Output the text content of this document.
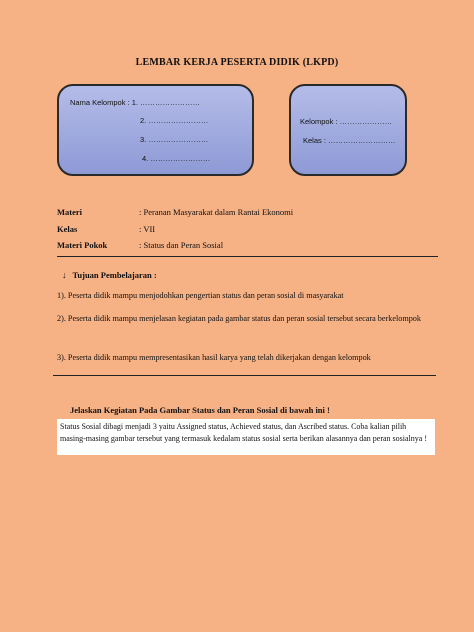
LEMBAR KERJA PESERTA DIDIK (LKPD)
Nama Kelompok : 1. ……………………
2. ……………………
3. ……………………
4. ……………………
Kelompok : …………………
Kelas : ………………………
Materi	: Peranan Masyarakat dalam Rantai Ekonomi
Kelas	: VII
Materi Pokok	: Status dan Peran Sosial
↓ Tujuan Pembelajaran :
1). Peserta didik mampu menjodohkan pengertian status dan peran sosial di masyarakat
2). Peserta didik mampu menjelasan kegiatan pada gambar status dan peran sosial tersebut secara berkelompok
3). Peserta didik mampu mempresentasikan hasil karya yang telah dikerjakan dengan kelompok
Jelaskan Kegiatan Pada Gambar Status dan Peran Sosial di bawah ini !
Status Sosial dibagi menjadi 3 yaitu Assigned status, Achieved status, dan Ascribed status. Coba kalian pilih masing-masing gambar tersebut yang termasuk kedalam status sosial serta berikan alasannya dan peran sosialnya !
